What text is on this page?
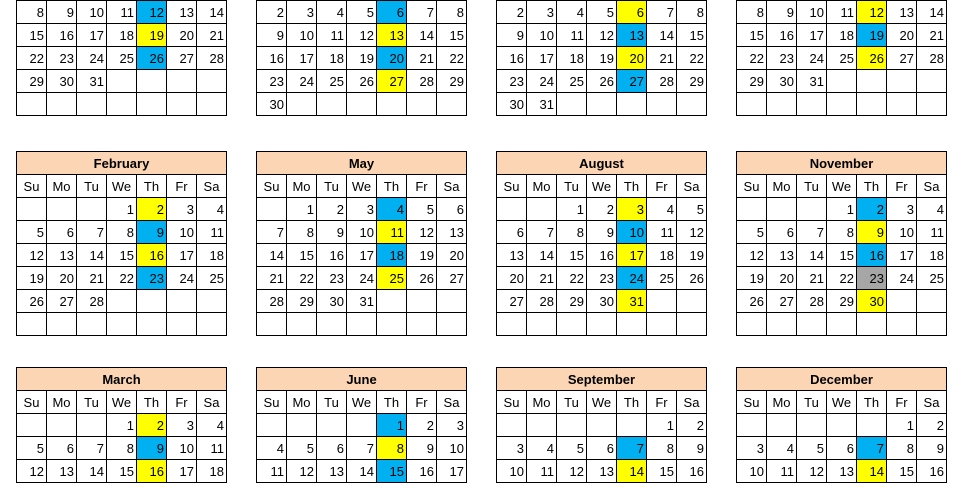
8	9	10	11	12	13	14
15	16	17	18	19	20	21
22	23	24	25	26	27	28
29	30	31				

2	3	4	5	6	7	8
9	10	11	12	13	14	15
16	17	18	19	20	21	22
23	24	25	26	27	28	29
30						

2	3	4	5	6	7	8
9	10	11	12	13	14	15
16	17	18	19	20	21	22
23	24	25	26	27	28	29
30	31					

8	9	10	11	12	13	14
15	16	17	18	19	20	21
22	23	24	25	26	27	28
29	30	31				

February
Su	Mo	Tu	We	Th	Fr	Sa
			1	2	3	4
5	6	7	8	9	10	11
12	13	14	15	16	17	18
19	20	21	22	23	24	25
26	27	28				

May
Su	Mo	Tu	We	Th	Fr	Sa
	1	2	3	4	5	6
7	8	9	10	11	12	13
14	15	16	17	18	19	20
21	22	23	24	25	26	27
28	29	30	31			

August
Su	Mo	Tu	We	Th	Fr	Sa
		1	2	3	4	5
6	7	8	9	10	11	12
13	14	15	16	17	18	19
20	21	22	23	24	25	26
27	28	29	30	31		

November
Su	Mo	Tu	We	Th	Fr	Sa
			1	2	3	4
5	6	7	8	9	10	11
12	13	14	15	16	17	18
19	20	21	22	23	24	25
26	27	28	29	30		

March
Su	Mo	Tu	We	Th	Fr	Sa
			1	2	3	4
5	6	7	8	9	10	11
12	13	14	15	16	17	18
June
Su	Mo	Tu	We	Th	Fr	Sa
				1	2	3
4	5	6	7	8	9	10
11	12	13	14	15	16	17
September
Su	Mo	Tu	We	Th	Fr	Sa
					1	2
3	4	5	6	7	8	9
10	11	12	13	14	15	16
December
Su	Mo	Tu	We	Th	Fr	Sa
					1	2
3	4	5	6	7	8	9
10	11	12	13	14	15	16
